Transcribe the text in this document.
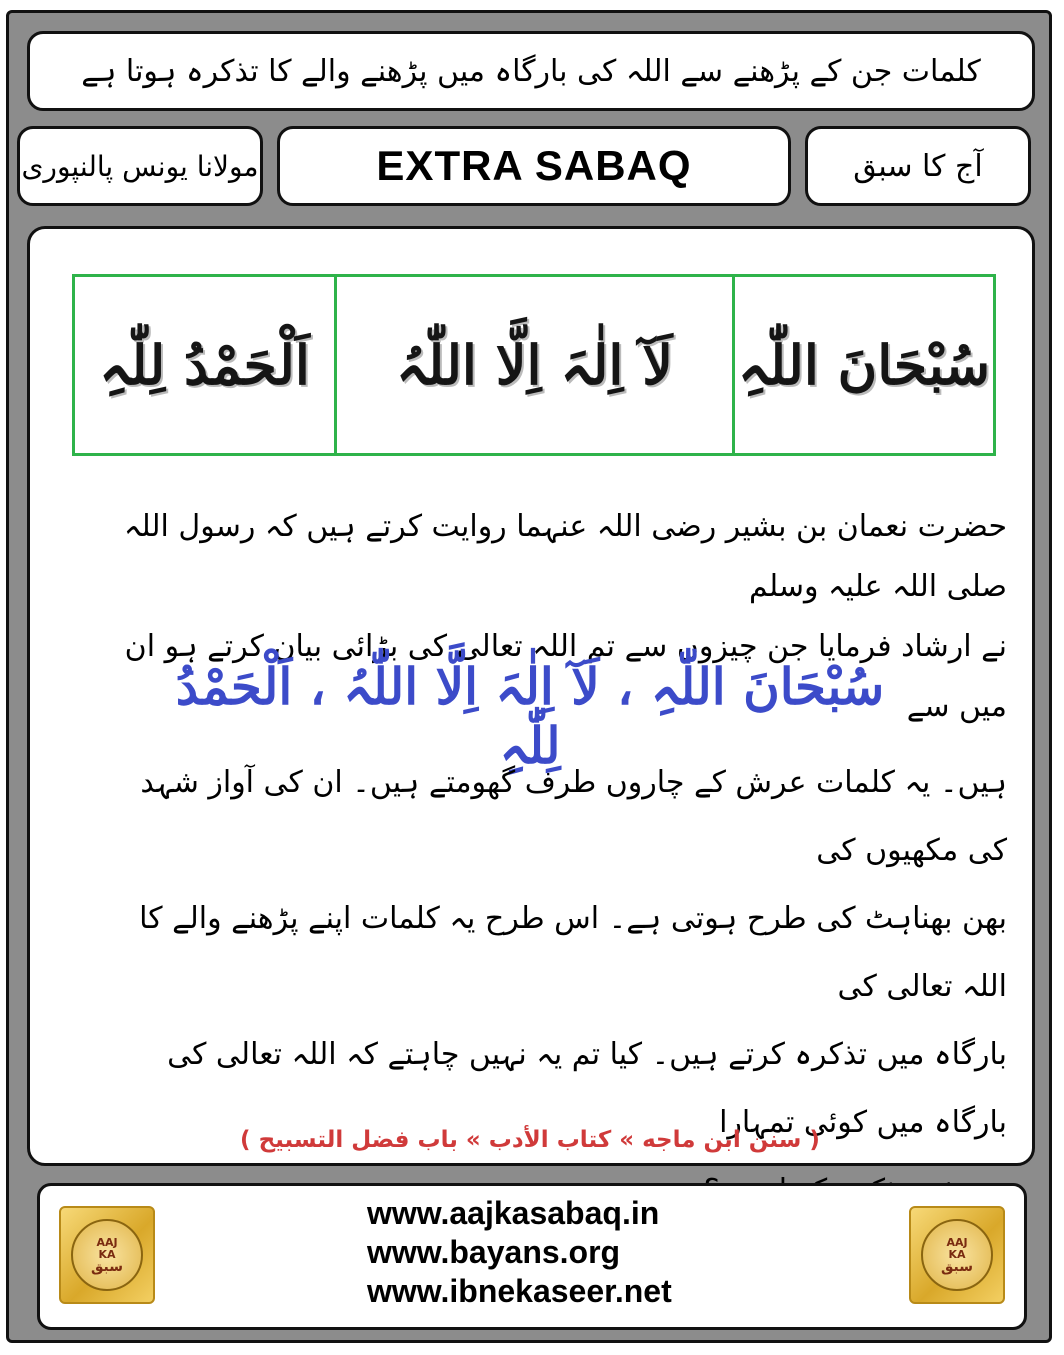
کلمات جن کے پڑھنے سے اللہ کی بارگاہ میں پڑھنے والے کا تذکرہ ہوتا ہے
مولانا یونس پالنپوری	EXTRA SABAQ	آج کا سبق
اَلْحَمْدُ لِلّٰہِ لَآ اِلٰہَ اِلَّا اللّٰہُ سُبْحَانَ اللّٰہِ
حضرت نعمان بن بشیر رضی اللہ عنہما روایت کرتے ہیں کہ رسول اللہ صلی اللہ علیہ وسلم
نے ارشاد فرمایا جن چیزوں سے تم اللہ تعالی کی بڑائی بیان کرتے ہو ان میں سے
سُبْحَانَ اللّٰہِ ، لَآ اِلٰہَ اِلَّا اللّٰہُ ، اَلْحَمْدُ لِلّٰہِ
ہیں۔ یہ کلمات عرش کے چاروں طرف گھومتے ہیں۔ ان کی آواز شہد کی مکھیوں کی
بھن بھناہٹ کی طرح ہوتی ہے۔ اس طرح یہ کلمات اپنے پڑھنے والے کا اللہ تعالی کی
بارگاہ میں تذکرہ کرتے ہیں۔ کیا تم یہ نہیں چاہتے کہ اللہ تعالی کی بارگاہ میں کوئی تمہارا
( سنن ابن ماجه » كتاب الأدب » باب فضل التسبيح )
AAJ
KA
سبق
www.aajkasabaq.in
www.bayans.org
www.ibnekaseer.net
AAJ
KA
سبق
